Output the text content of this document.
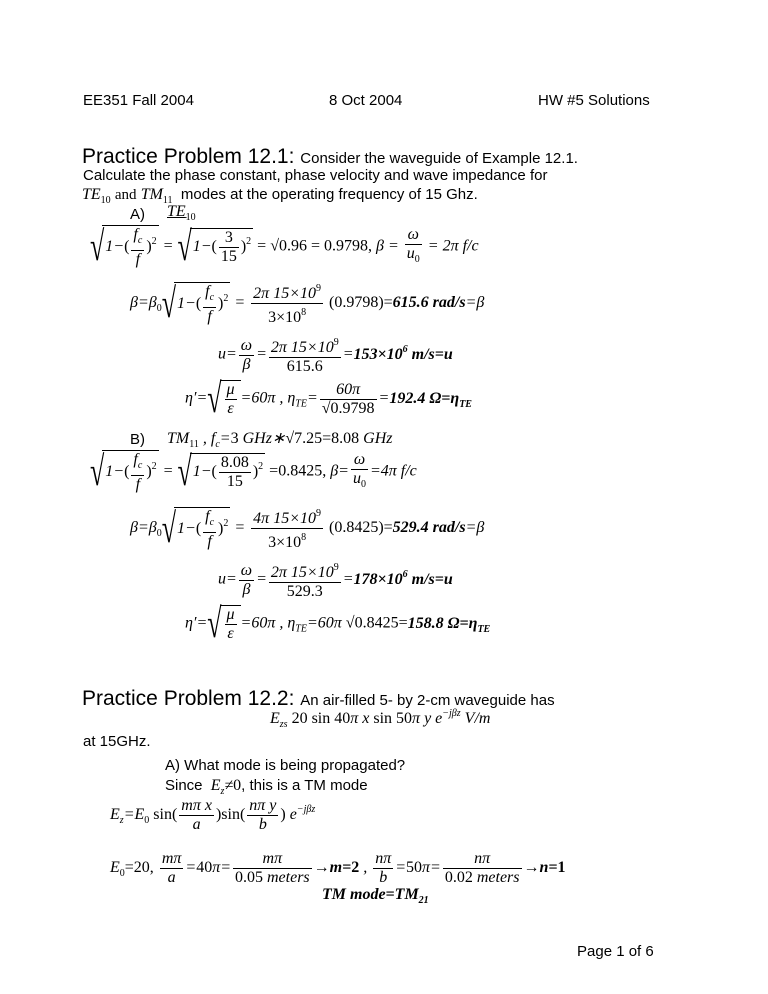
EE351 Fall 2004	8 Oct 2004	HW #5 Solutions
Practice Problem 12.1: Consider the waveguide of Example 12.1.
Calculate the phase constant, phase velocity and wave impedance for
$TE_{10}$ and $TM_{11}$ modes at the operating frequency of 15 Ghz.
A) $TE_{10}$
$√1-( \frac{f_c}{f} )^2 = √1-( \frac{3}{15} )^2 = √0.96 = 0.9798$, $\beta = \frac{\omega}{u_0} = 2\pi$ f/c
$\beta=\beta_0√1-( \frac{f_c}{f} )^2 = \frac{2\pi 15\times 10^9}{3\times 10^8} (0.9798)=615.6$ rad/s=β
$u= \frac{\omega}{\beta} = \frac{2\pi 15\times 10^9}{615.6} =153\times 10^6$ m/s=u
$\eta'=√ \frac{\mu}{\varepsilon} =60\pi$ , $\eta_{TE}= \frac{60\pi}{√0.9798} =192.4$ $\Omega=\eta_{TE}$
B) $TM_{11}$ , $f_c=3$ GHz∗√7.25=8.08 GHz
$√1-( \frac{f_c}{f} )^2 = √1-( \frac{8.08}{15} )^2 =0.8425$, $\beta= \frac{\omega}{u_0} =4\pi$ f/c
$\beta=\beta_0√1-( \frac{f_c}{f} )^2 = \frac{4\pi 15\times 10^9}{3\times 10^8} (0.8425)=529.4$ rad/s=β
$u= \frac{\omega}{\beta} = \frac{2\pi 15\times 10^9}{529.3} =178\times 10^6$ m/s=u
$\eta'=√ \frac{\mu}{\varepsilon} =60\pi$ , $\eta_{TE}=60\pi$ √0.8425=158.8 $\Omega=\eta_{TE}$
Practice Problem 12.2: An air-filled 5- by 2-cm waveguide has
$E_{zs}$ 20 sin 40π x sin 50π y $e^{-j\beta z}$ V/m
at 15GHz.
A) What mode is being propagated?
Since  $E_z\ne 0$, this is a TM mode
$E_z=E_0$ $\sin( \frac{\text{mπ x}}{a} )\sin( \frac{\text{nπ y}}{b}$ ) $e^{-j\beta z}$
$E_0=20$, $\frac{m\pi}{a} =40\pi= \frac{m\pi}{\text{0.05 meters}} \to m=2$ , $\frac{n\pi}{b} =50\pi= \frac{n\pi}{\text{0.02 meters}} \to n=1$
TM $mode=TM_{21}$
Page 1 of 6
